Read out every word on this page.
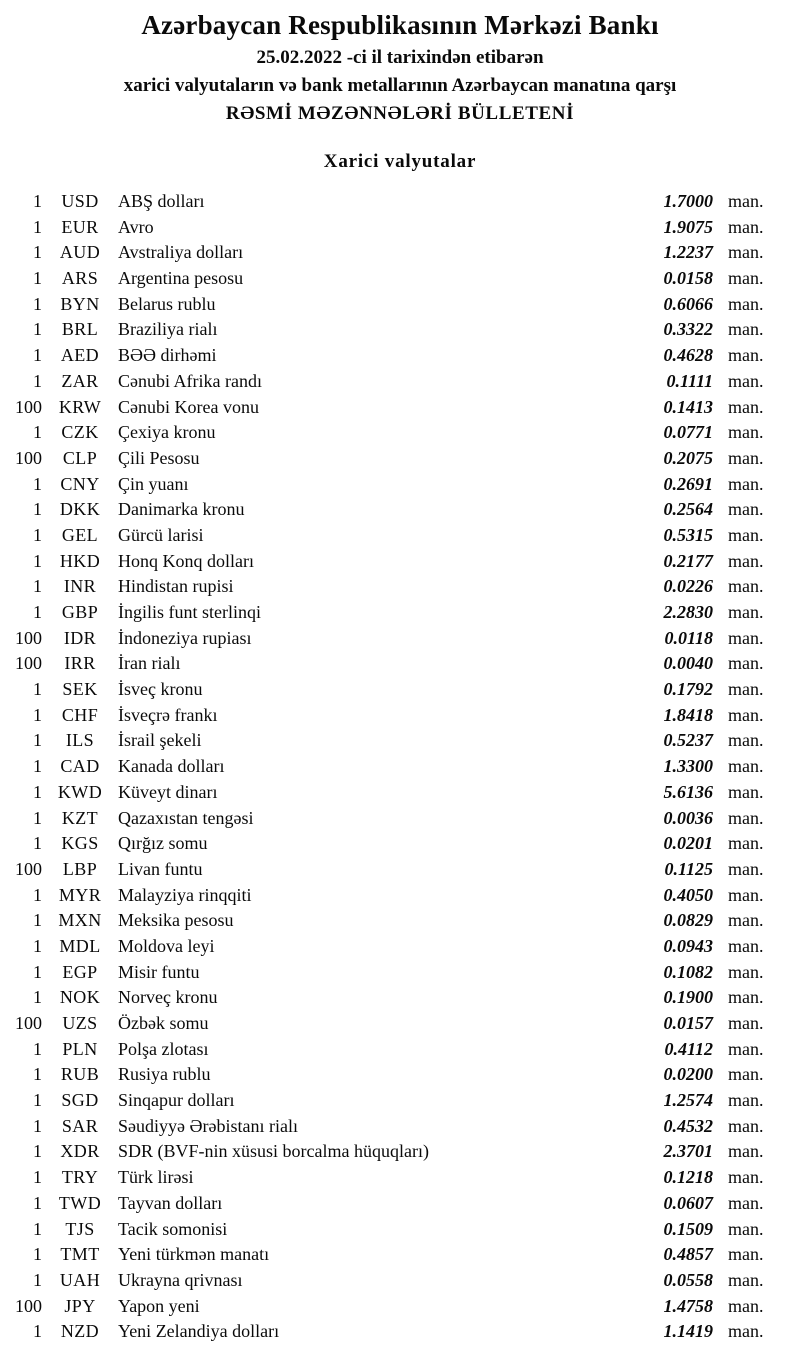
Azərbaycan Respublikasının Mərkəzi Bankı
25.02.2022 -ci il tarixindən etibarən
xarici valyutaların və bank metallarının Azərbaycan manatına qarşı
RƏSMİ MƏZƏNNƏLƏRİ BÜLLETENİ
Xarici valyutalar
1	USD	ABŞ dolları	1.7000 man.
1	EUR	Avro	1.9075 man.
1 AUD Avstraliya dolları	1.2237 man.
1	ARS	Argentina pesosu	0.0158 man.
1	BYN	Belarus rublu	0.6066 man.
1	BRL	Braziliya rialı	0.3322 man.
1	AED	BƏƏ dirhəmi	0.4628 man.
1	ZAR	Cənubi Afrika randı	0.1111 man.
100 KRW Cənubi Korea vonu	0.1413 man.
1	CZK	Çexiya kronu	0.0771 man.
100	CLP	Çili Pesosu	0.2075 man.
1	CNY	Çin yuanı	0.2691 man.
1 DKK Danimarka kronu	0.2564 man.
1	GEL	Gürcü larisi	0.5315 man.
1 HKD Honq Konq dolları	0.2177 man.
1	INR	Hindistan rupisi	0.0226 man.
1	GBP	İngilis funt sterlinqi	2.2830 man.
100	IDR	İndoneziya rupiası	0.0118 man.
100	IRR	İran rialı	0.0040 man.
1	SEK	İsveç kronu	0.1792 man.
1	CHF	İsveçrə frankı	1.8418 man.
1	ILS	İsrail şekeli	0.5237 man.
1	CAD	Kanada dolları	1.3300 man.
1 KWD Küveyt dinarı	5.6136 man.
1	KZT	Qazaxıstan tengəsi	0.0036 man.
1	KGS	Qırğız somu	0.0201 man.
100	LBP	Livan funtu	0.1125 man.
1 MYR Malayziya rinqqiti	0.4050 man.
1 MXN Meksika pesosu	0.0829 man.
1 MDL Moldova leyi	0.0943 man.
1	EGP	Misir funtu	0.1082 man.
1 NOK Norveç kronu	0.1900 man.
100	UZS	Özbək somu	0.0157 man.
1	PLN	Polşa zlotası	0.4112 man.
1	RUB	Rusiya rublu	0.0200 man.
1	SGD	Sinqapur dolları	1.2574 man.
1	SAR	Səudiyyə Ərəbistanı rialı	0.4532 man.
1	XDR	SDR (BVF-nin xüsusi borcalma hüquqları)	2.3701 man.
1	TRY	Türk lirəsi	0.1218 man.
1 TWD Tayvan dolları	0.0607 man.
1	TJS	Tacik somonisi	0.1509 man.
1	TMT	Yeni türkmən manatı	0.4857 man.
1 UAH Ukrayna qrivnası	0.0558 man.
100	JPY	Yapon yeni	1.4758 man.
1	NZD	Yeni Zelandiya dolları	1.1419 man.
